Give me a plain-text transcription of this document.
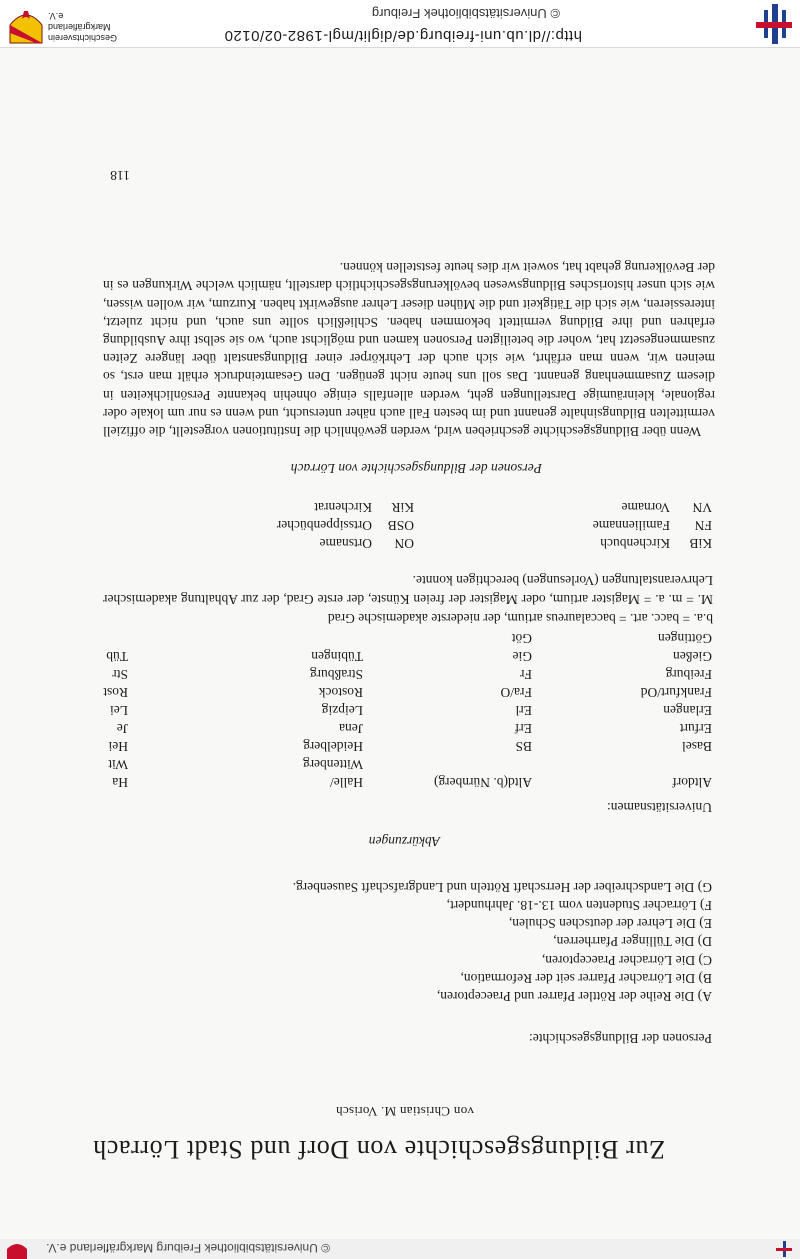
© Universitätsbibliothek Freiburg Markgräflerland e.V.
Zur Bildungsgeschichte von Dorf und Stadt Lörrach
von Christian M. Vorisch
Personen der Bildungsgeschichte:
A) Die Reihe der Röttler Pfarrer und Praeceptoren,
B) Die Lörracher Pfarrer seit der Reformation,
C) Die Lörracher Praeceptoren,
D) Die Tüllinger Pfarrherren,
E) Die Lehrer der deutschen Schulen,
F) Lörracher Studenten vom 13.-18. Jahrhundert,
G) Die Landschreiber der Herrschaft Rötteln und Landgrafschaft Sausenberg.
Abkürzungen
Universitätsnamen:
Altdorf
Altd(b. Nürnberg)
Halle/
Ha
Wittenberg
Wit
Basel
BS
Heidelberg
Hei
Erfurt
Erf
Jena
Je
Erlangen
Erl
Leipzig
Lei
Frankfurt/Od
Fra/O
Rostock
Rost
Freiburg
Fr
Straßburg
Str
Gießen
Gie
Tübingen
Tüb
Göttingen
Göt
b.a. = bacc. art. = baccalaureus artium, der niederste akademische Grad
M. = m. a. = Magister artium, oder Magister der freien Künste, der erste Grad, der zur Abhaltung akademischer Lehrveranstaltungen (Vorlesungen) berechtigen konnte.
KiB
Kirchenbuch
ON
Ortsname
FN
Familienname
OSB
Ortssippenbücher
VN
Vorname
KiR
Kirchenrat
Personen der Bildungsgeschichte von Lörrach

Wenn über Bildungsgeschichte geschrieben wird, werden gewöhnlich die Institutionen vorgestellt, die offiziell vermittelten Bildungsinhalte genannt und im besten Fall auch näher untersucht, und wenn es nur um lokale oder regionale, kleinräumige Darstellungen geht, werden allenfalls einige ohnehin bekannte Persönlichkeiten in diesem Zusammenhang genannt. Das soll uns heute nicht genügen. Den Gesamteindruck erhält man erst, so meinen wir, wenn man erfährt, wie sich auch der Lehrkörper einer Bildungsanstalt über längere Zeiten zusammengesetzt hat, woher die beteiligten Personen kamen und möglichst auch, wo sie selbst ihre Ausbildung erfahren und ihre Bildung vermittelt bekommen haben. Schließlich sollte uns auch, und nicht zuletzt, interessieren, wie sich die Tätigkeit und die Mühen dieser Lehrer ausgewirkt haben. Kurzum, wir wollen wissen, wie sich unser historisches Bildungswesen bevölkerungsgeschichtlich darstellt, nämlich welche Wirkungen es in der Bevölkerung gehabt hat, soweit wir dies heute feststellen können.

118
http://dl.ub.uni-freiburg.de/diglit/mgl-1982-02/0120
© Universitätsbibliothek Freiburg
Geschichtsverein
Markgräflerland e.V.
